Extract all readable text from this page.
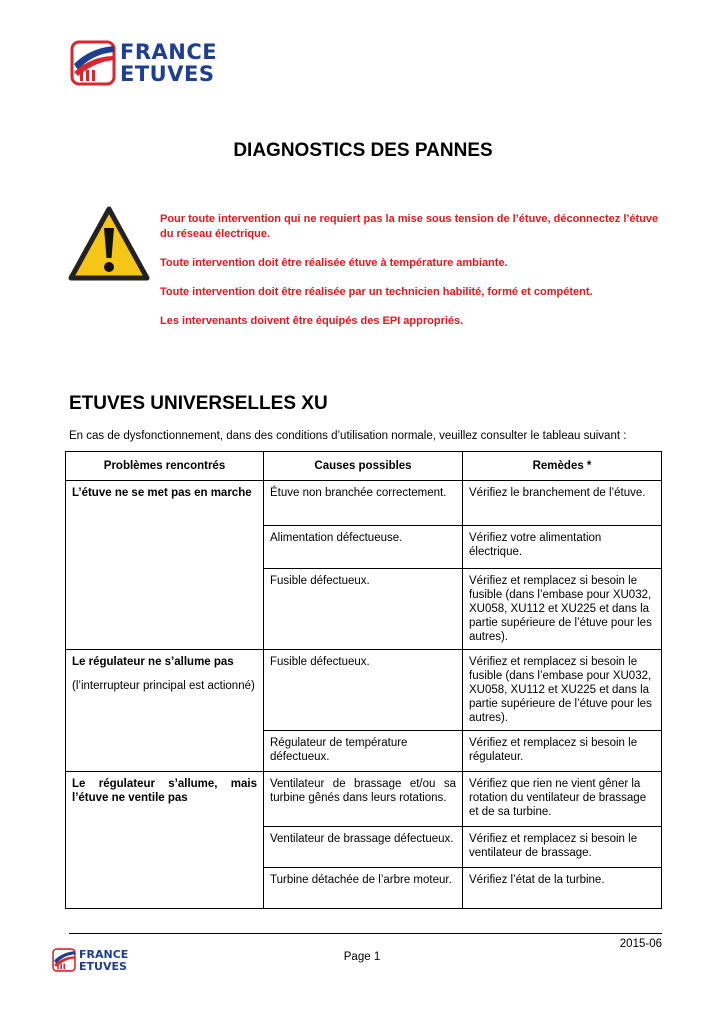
FRANCE
ETUVES
DIAGNOSTICS DES PANNES

Pour toute intervention qui ne requiert pas la mise sous tension de l’étuve, déconnectez l’étuve du réseau électrique.

Toute intervention doit être réalisée étuve à température ambiante.

Toute intervention doit être réalisée par un technicien habilité, formé et compétent.

Les intervenants doivent être équipés des EPI appropriés.

ETUVES UNIVERSELLES XU
En cas de dysfonctionnement, dans des conditions d’utilisation normale, veuillez consulter le tableau suivant :
Problèmes rencontrés	Causes possibles	Remèdes *
L’étuve ne se met pas en marche	Étuve non branchée correctement.	Vérifiez le branchement de l’étuve.
	Alimentation défectueuse.	Vérifiez votre alimentation électrique.
	Fusible défectueux.	Vérifiez et remplacez si besoin le fusible (dans l’embase pour XU032, XU058, XU112 et XU225 et dans la partie supérieure de l’étuve pour les autres).
Le régulateur ne s’allume pas
(l’interrupteur principal est actionné)	Fusible défectueux.	Vérifiez et remplacez si besoin le fusible (dans l’embase pour XU032, XU058, XU112 et XU225 et dans la partie supérieure de l’étuve pour les autres).
	Régulateur de température défectueux.	Vérifiez et remplacez si besoin le régulateur.
Le régulateur s’allume, mais l’étuve ne ventile pas	Ventilateur de brassage et/ou sa turbine gênés dans leurs rotations.	Vérifiez que rien ne vient gêner la rotation du ventilateur de brassage et de sa turbine.
	Ventilateur de brassage défectueux.	Vérifiez et remplacez si besoin le ventilateur de brassage.
	Turbine détachée de l’arbre moteur.	Vérifiez l’état de la turbine.
FRANCE
ETUVES
2015-06
Page 1
